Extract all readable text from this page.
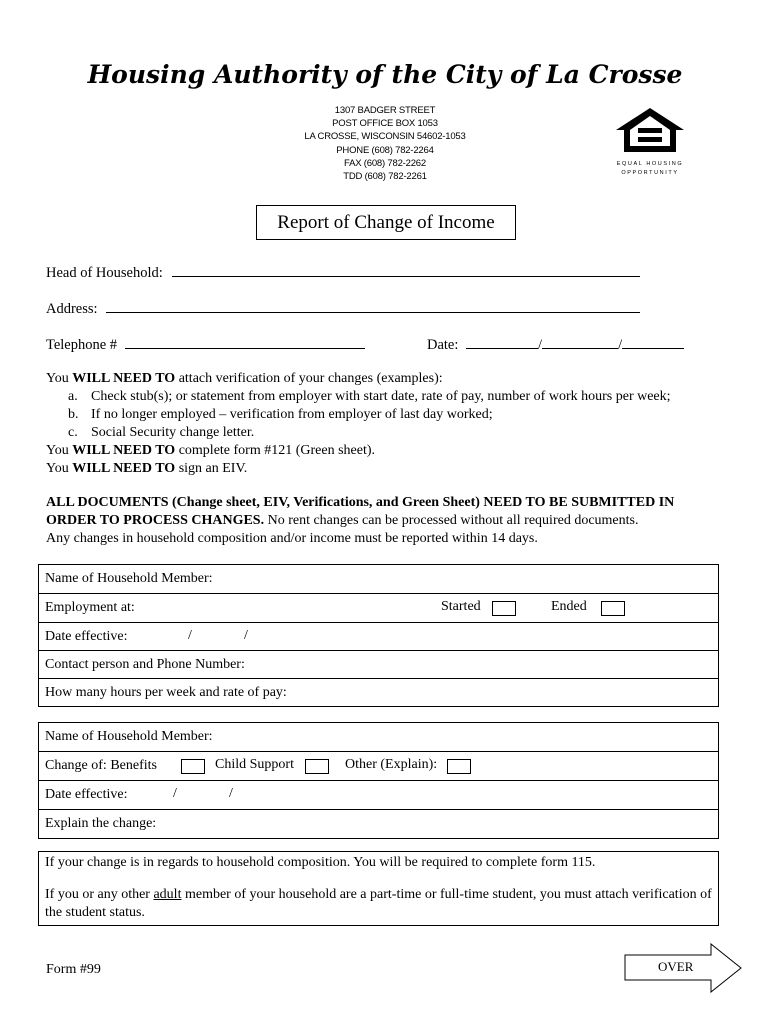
Housing Authority of the City of La Crosse
1307 BADGER STREET
POST OFFICE BOX 1053
LA CROSSE, WISCONSIN 54602-1053
PHONE (608) 782-2264
FAX (608) 782-2262
TDD (608) 782-2261
EQUAL HOUSING
OPPORTUNITY
Report of Change of Income
Head of Household:
Address:
Telephone #	Date:	/	/
You WILL NEED TO attach verification of your changes (examples):
a. Check stub(s); or statement from employer with start date, rate of pay, number of work hours per week;
b. If no longer employed – verification from employer of last day worked;
c. Social Security change letter.
You WILL NEED TO complete form #121 (Green sheet).
You WILL NEED TO sign an EIV.
ALL DOCUMENTS (Change sheet, EIV, Verifications, and Green Sheet) NEED TO BE SUBMITTED IN ORDER TO PROCESS CHANGES. No rent changes can be processed without all required documents.
Any changes in household composition and/or income must be reported within 14 days.
Name of Household Member:
Employment at:	Started	Ended
Date effective:	/	/
Contact person and Phone Number:
How many hours per week and rate of pay:
Name of Household Member:
Change of: Benefits	Child Support	Other (Explain):
Date effective:	/	/
Explain the change:
If your change is in regards to household composition. You will be required to complete form 115.
If you or any other adult member of your household are a part-time or full-time student, you must attach verification of the student status.
Form #99	OVER
